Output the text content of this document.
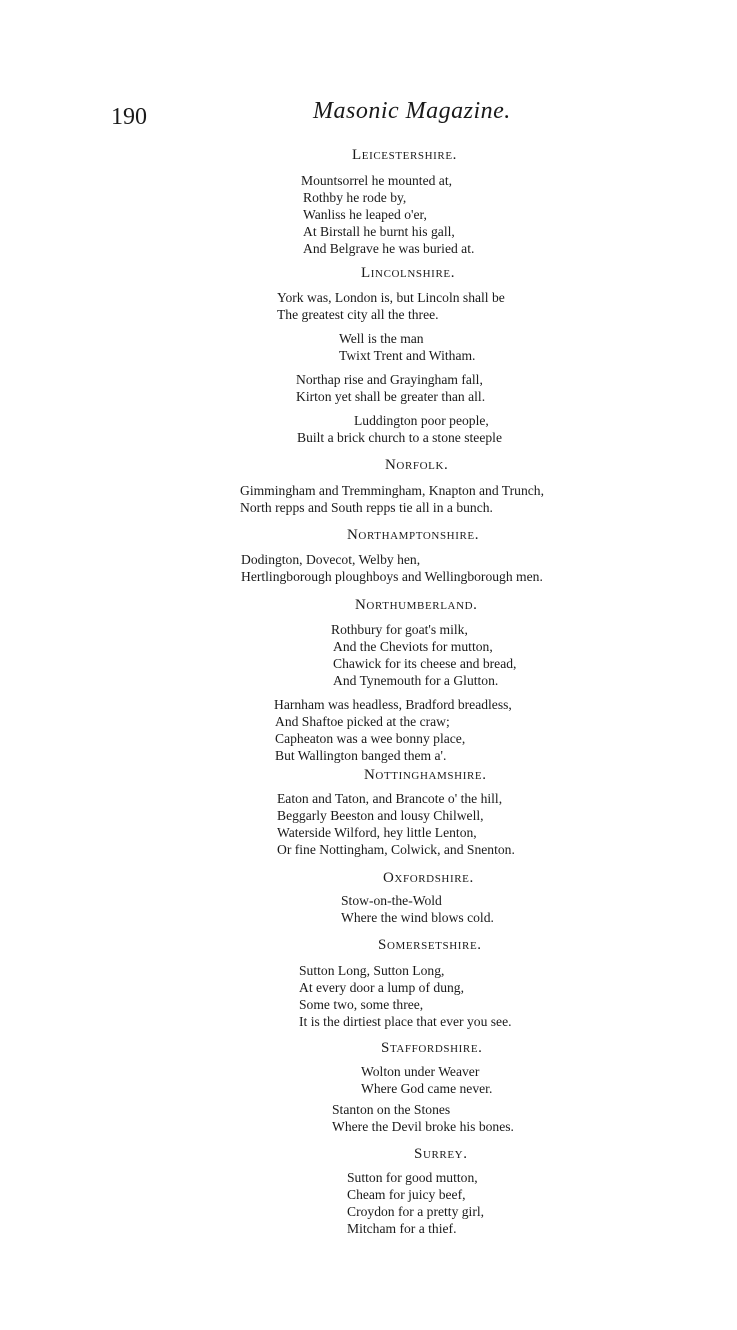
190	Masonic Magazine.
Leicestershire.
Mountsorrel he mounted at,
Rothby he rode by,
Wanliss he leaped o'er,
At Birstall he burnt his gall,
And Belgrave he was buried at.
Lincolnshire.
York was, London is, but Lincoln shall be
The greatest city all the three.
Well is the man
Twixt Trent and Witham.
Northap rise and Grayingham fall,
Kirton yet shall be greater than all.
Luddington poor people,
Built a brick church to a stone steeple
Norfolk.
Gimmingham and Tremmingham, Knapton and Trunch,
North repps and South repps tie all in a bunch.
Northamptonshire.
Dodington, Dovecot, Welby hen,
Hertlingborough ploughboys and Wellingborough men.
Northumberland.
Rothbury for goat's milk,
And the Cheviots for mutton,
Chawick for its cheese and bread,
And Tynemouth for a Glutton.
Harnham was headless, Bradford breadless,
And Shaftoe picked at the craw;
Capheaton was a wee bonny place,
But Wallington banged them a'.
Nottinghamshire.
Eaton and Taton, and Brancote o' the hill,
Beggarly Beeston and lousy Chilwell,
Waterside Wilford, hey little Lenton,
Or fine Nottingham, Colwick, and Snenton.
Oxfordshire.
Stow-on-the-Wold
Where the wind blows cold.
Somersetshire.
Sutton Long, Sutton Long,
At every door a lump of dung,
Some two, some three,
It is the dirtiest place that ever you see.
Staffordshire.
Wolton under Weaver
Where God came never.
Stanton on the Stones
Where the Devil broke his bones.
Surrey.
Sutton for good mutton,
Cheam for juicy beef,
Croydon for a pretty girl,
Mitcham for a thief.
